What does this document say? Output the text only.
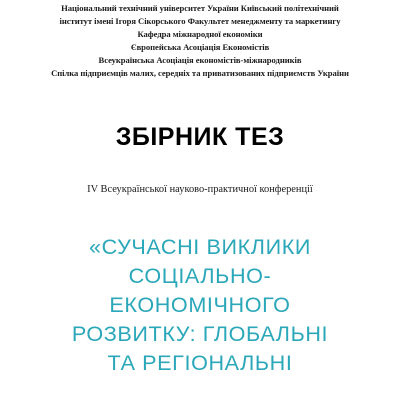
Національний технічний університет України Київський політехнічний
інститут імені Ігоря Сікорського Факультет менеджменту та маркетингу
Кафедра міжнародної економіки
Європейська Асоціація Економістів
Всеукраїнська Асоціація економістів-міжнародників
Спілка підприємців малих, середніх та приватизованих підприємств України
ЗБІРНИК ТЕЗ
IV Всеукраїнської науково-практичної конференції
«СУЧАСНІ ВИКЛИКИ
СОЦІАЛЬНО-
ЕКОНОМІЧНОГО
РОЗВИТКУ: ГЛОБАЛЬНІ
ТА РЕГІОНАЛЬНІ
